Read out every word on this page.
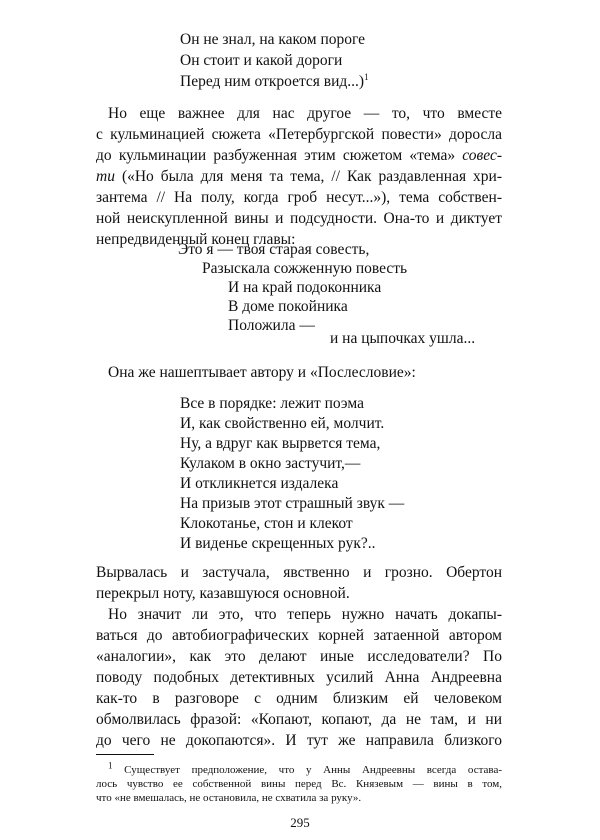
Он не знал, на каком пороге
Он стоит и какой дороги
Перед ним откроется вид...)$^1$
Но еще важнее для нас другое — то, что вместе
с кульминацией сюжета «Петербургской повести» доросла
до кульминации разбуженная этим сюжетом «тема» совес-
ти («Но была для меня та тема, // Как раздавленная хри-
зантема // На полу, когда гроб несут...»), тема собствен-
ной неискупленной вины и подсудности. Она-то и диктует
непредвиденный конец главы:
Это я — твоя старая совесть,
Разыскала сожженную повесть
И на край подоконника
В доме покойника
Положила —
и на цыпочках ушла...
Она же нашептывает автору и «Послесловие»:
Все в порядке: лежит поэма
И, как свойственно ей, молчит.
Ну, а вдруг как вырвется тема,
Кулаком в окно застучит,—
И откликнется издалека
На призыв этот страшный звук —
Клокотанье, стон и клекот
И виденье скрещенных рук?..
Вырвалась и застучала, явственно и грозно. Обертон
перекрыл ноту, казавшуюся основной.
Но значит ли это, что теперь нужно начать докапы-
ваться до автобиографических корней затаенной автором
«аналогии», как это делают иные исследователи? По
поводу подобных детективных усилий Анна Андреевна
как-то в разговоре с одним близким ей человеком
обмолвилась фразой: «Копают, копают, да не там, и ни
до чего не докопаются». И тут же направила близкого
$^1$ Существует предположение, что у Анны Андреевны всегда остава-
лось чувство ее собственной вины перед Вс. Князевым — вины в том,
что «не вмешалась, не остановила, не схватила за руку».
295
